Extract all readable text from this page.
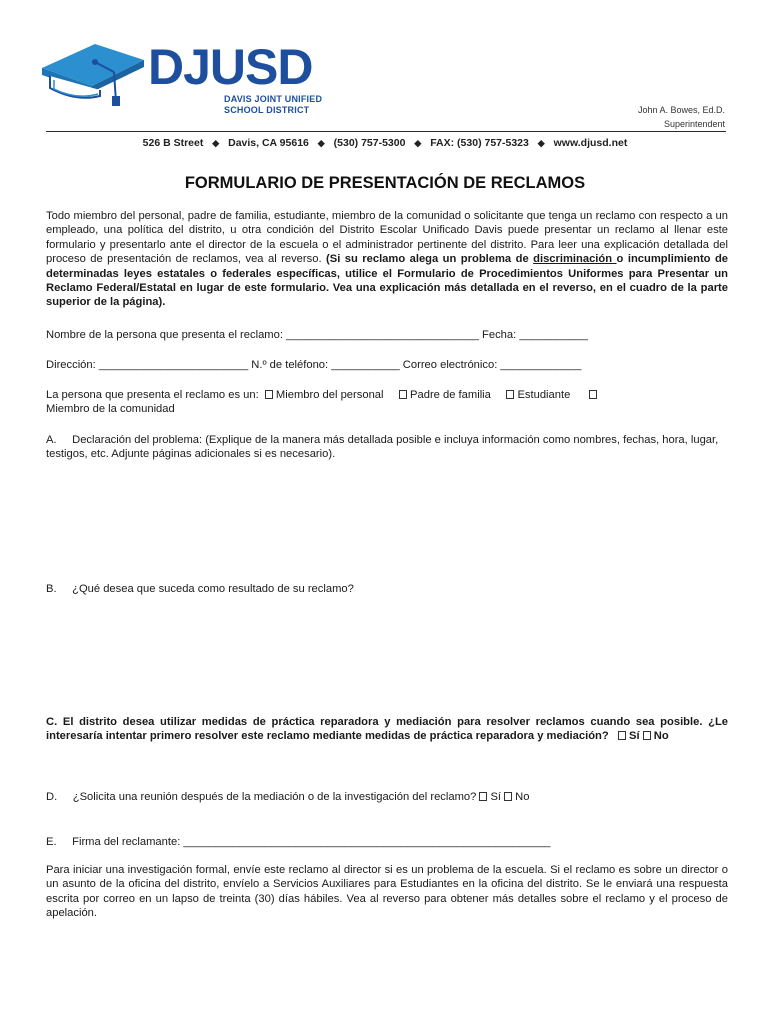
DJUSD
DAVIS JOINT UNIFIED
SCHOOL DISTRICT	John A. Bowes, Ed.D.
Superintendent
526 B Street ◆ Davis, CA 95616 ◆ (530) 757-5300 ◆ FAX: (530) 757-5323 ◆ www.djusd.net
FORMULARIO DE PRESENTACIÓN DE RECLAMOS
Todo miembro del personal, padre de familia, estudiante, miembro de la comunidad o solicitante que tenga un reclamo con respecto a un empleado, una política del distrito, u otra condición del Distrito Escolar Unificado Davis puede presentar un reclamo al llenar este formulario y presentarlo ante el director de la escuela o el administrador pertinente del distrito. Para leer una explicación detallada del proceso de presentación de reclamos, vea al reverso. (Si su reclamo alega un problema de discriminación o incumplimiento de determinadas leyes estatales o federales específicas, utilice el Formulario de Procedimientos Uniformes para Presentar un Reclamo Federal/Estatal en lugar de este formulario. Vea una explicación más detallada en el reverso, en el cuadro de la parte superior de la página).
Nombre de la persona que presenta el reclamo: _______________________________ Fecha: ___________
Dirección: ________________________ N.º de teléfono: ___________ Correo electrónico: _____________
La persona que presenta el reclamo es un: Miembro del personal Padre de familia Estudiante
Miembro de la comunidad
A. Declaración del problema: (Explique de la manera más detallada posible e incluya información como nombres, fechas, hora, lugar, testigos, etc. Adjunte páginas adicionales si es necesario).
B. ¿Qué desea que suceda como resultado de su reclamo?
C. El distrito desea utilizar medidas de práctica reparadora y mediación para resolver reclamos cuando sea posible. ¿Le interesaría intentar primero resolver este reclamo mediante medidas de práctica reparadora y mediación? Sí No
D. ¿Solicita una reunión después de la mediación o de la investigación del reclamo? Sí No
E. Firma del reclamante: ___________________________________________________________
Para iniciar una investigación formal, envíe este reclamo al director si es un problema de la escuela. Si el reclamo es sobre un director o un asunto de la oficina del distrito, envíelo a Servicios Auxiliares para Estudiantes en la oficina del distrito. Se le enviará una respuesta escrita por correo en un lapso de treinta (30) días hábiles. Vea al reverso para obtener más detalles sobre el reclamo y el proceso de apelación.
